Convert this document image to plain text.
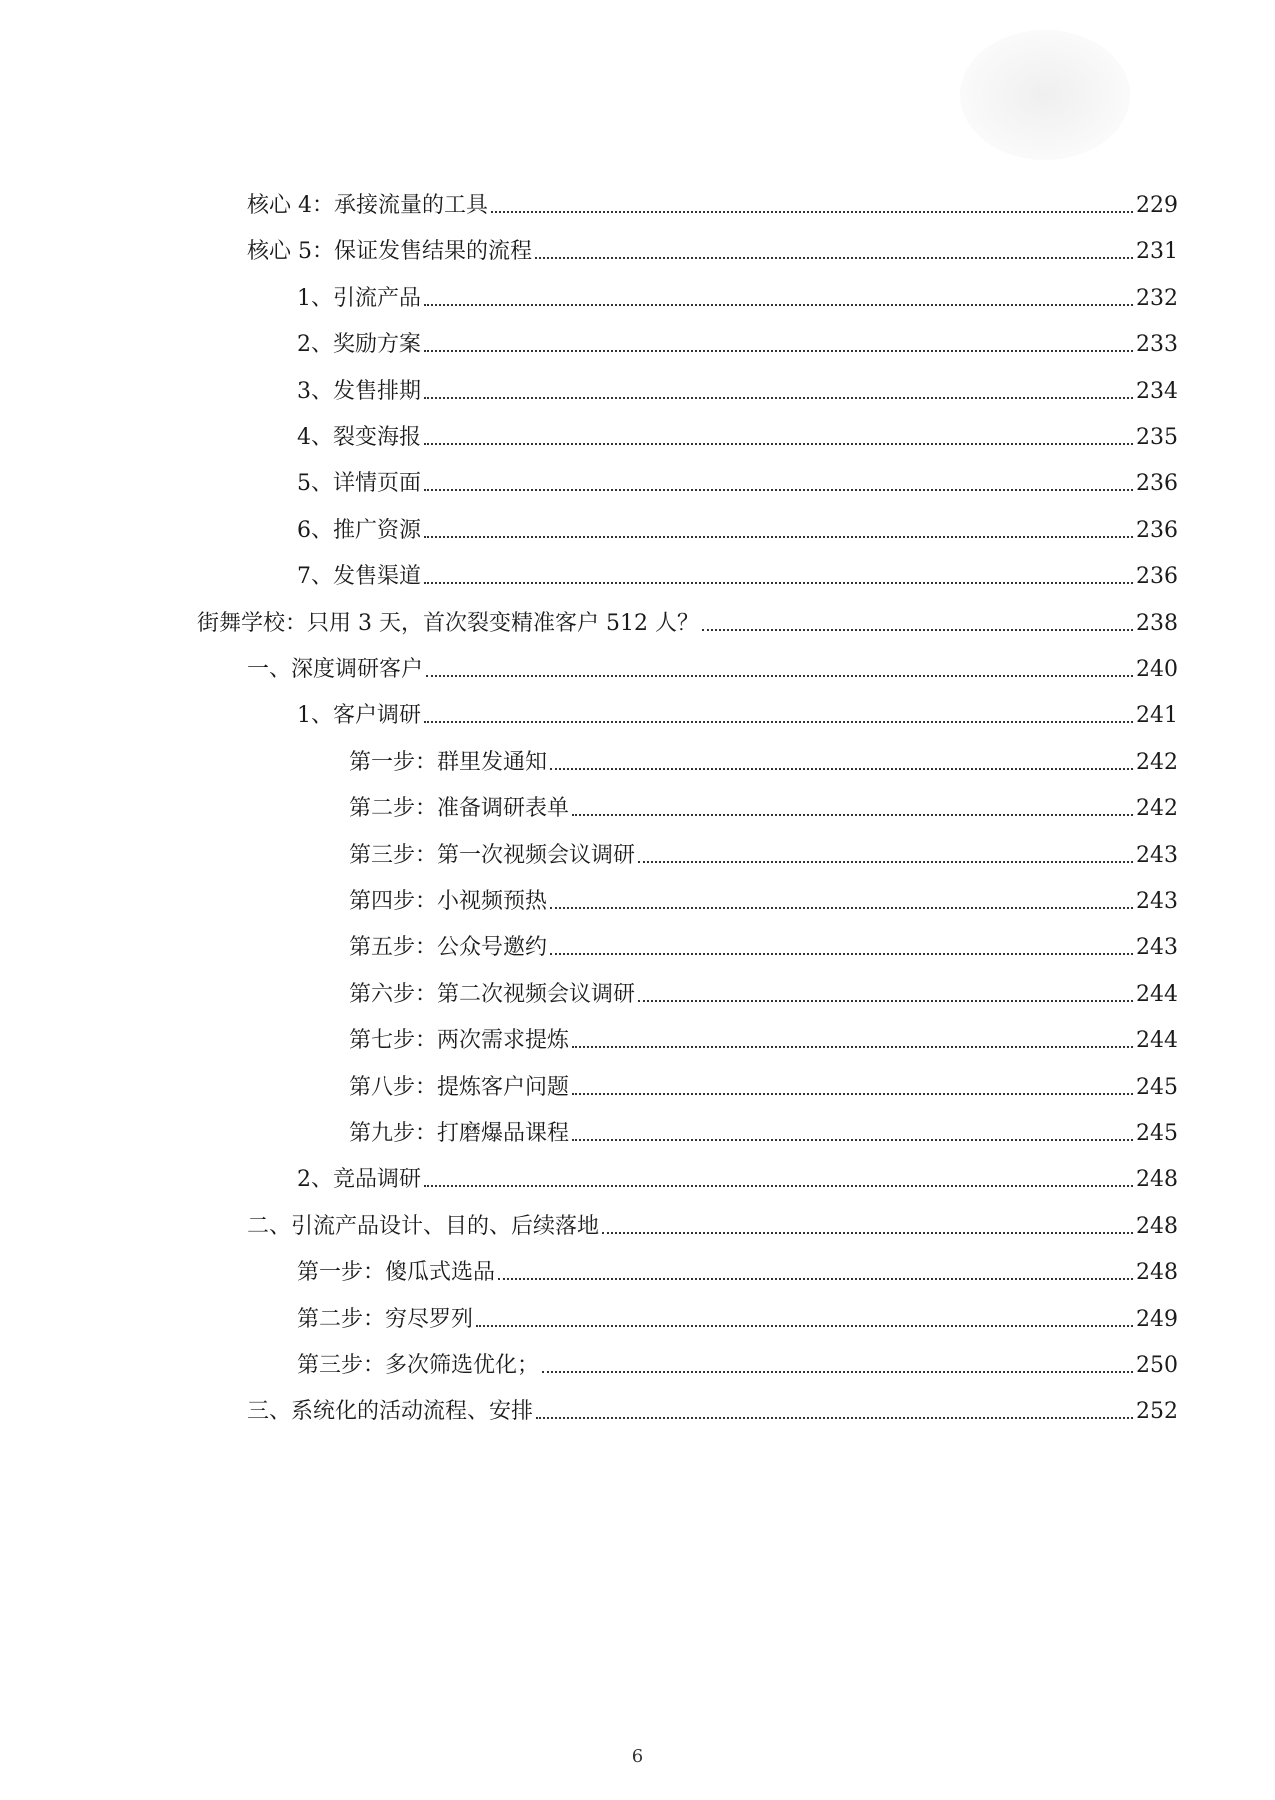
核心 4：承接流量的工具	229
核心 5：保证发售结果的流程	231
1、引流产品	232
2、奖励方案	233
3、发售排期	234
4、裂变海报	235
5、详情页面	236
6、推广资源	236
7、发售渠道	236
街舞学校：只用 3 天，首次裂变精准客户 512 人？	238
一、深度调研客户	240
1、客户调研	241
第一步：群里发通知	242
第二步：准备调研表单	242
第三步：第一次视频会议调研	243
第四步：小视频预热	243
第五步：公众号邀约	243
第六步：第二次视频会议调研	244
第七步：两次需求提炼	244
第八步：提炼客户问题	245
第九步：打磨爆品课程	245
2、竞品调研	248
二、引流产品设计、目的、后续落地	248
第一步：傻瓜式选品	248
第二步：穷尽罗列	249
第三步：多次筛选优化；	250
三、系统化的活动流程、安排	252
6
